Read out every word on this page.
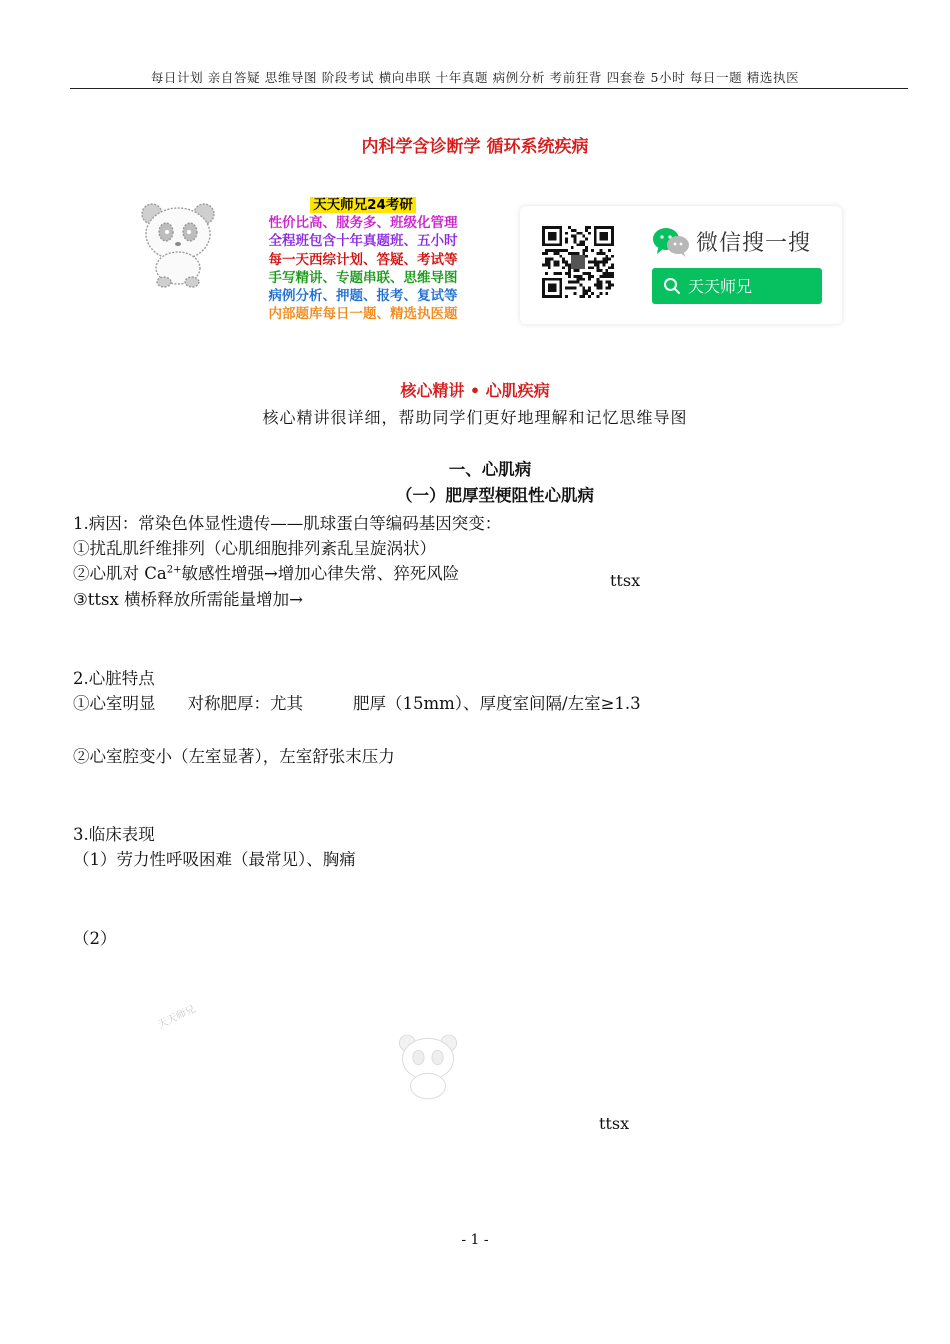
每日计划 亲自答疑 思维导图 阶段考试 横向串联 十年真题 病例分析 考前狂背 四套卷 5小时 每日一题 精选执医
内科学含诊断学 循环系统疾病
天天师兄24考研
性价比高、服务多、班级化管理
全程班包含十年真题班、五小时
每一天西综计划、答疑、考试等
手写精讲、专题串联、思维导图
病例分析、押题、报考、复试等
内部题库每日一题、精选执医题
微信搜一搜
天天师兄
核心精讲 • 心肌疾病
核心精讲很详细，帮助同学们更好地理解和记忆思维导图
一、心肌病
（一）肥厚型梗阻性心肌病
1.病因：常染色体显性遗传——肌球蛋白等编码基因突变：
①扰乱肌纤维排列（心肌细胞排列紊乱呈旋涡状）
②心肌对 $Ca^{2+}$敏感性增强→增加心律失常、猝死风险	ttsx
③ttsx 横桥释放所需能量增加→
2.心脏特点
①心室明显 对称肥厚：尤其	肥厚（15mm）、厚度室间隔/左室≥1.3
②心室腔变小（左室显著），左室舒张末压力
3.临床表现
（1）劳力性呼吸困难（最常见）、胸痛
（2）
天天师兄
ttsx
- 1 -
